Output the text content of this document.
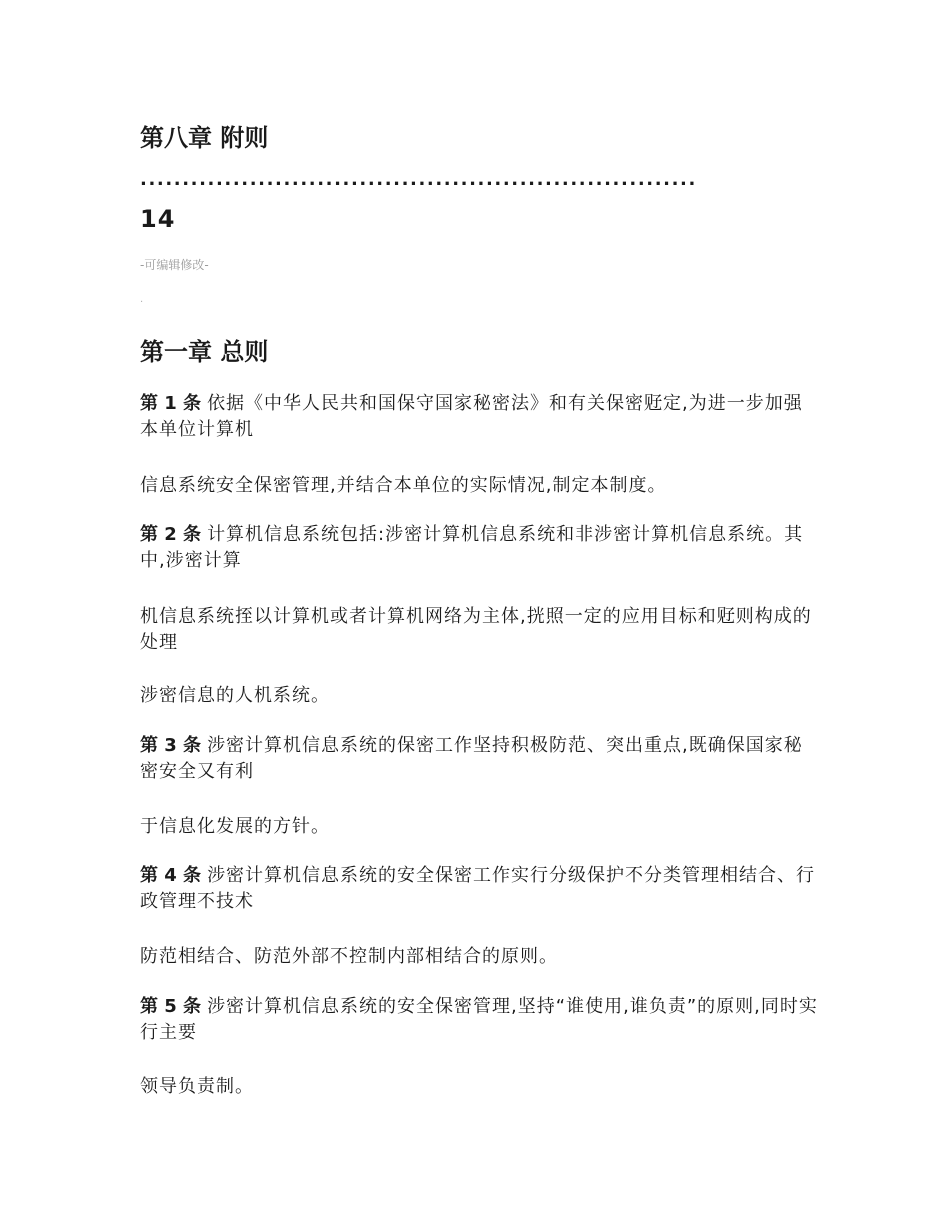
第八章 附则
..................................................................
14
-可编辑修改-
.
第一章 总则

第 1 条 依据《中华人民共和国保守国家秘密法》和有关保密觃定,为进一步加强本单位计算机

信息系统安全保密管理,并结合本单位的实际情况,制定本制度。

第 2 条 计算机信息系统包括:涉密计算机信息系统和非涉密计算机信息系统。其中,涉密计算

机信息系统挃以计算机或者计算机网络为主体,挄照一定的应用目标和觃则构成的处理

涉密信息的人机系统。

第 3 条 涉密计算机信息系统的保密工作坚持积极防范、突出重点,既确保国家秘密安全又有利

于信息化发展的方针。

第 4 条 涉密计算机信息系统的安全保密工作实行分级保护不分类管理相结合、行政管理不技术

防范相结合、防范外部不控制内部相结合的原则。

第 5 条 涉密计算机信息系统的安全保密管理,坚持“谁使用,谁负责”的原则,同时实行主要

领导负责制。
